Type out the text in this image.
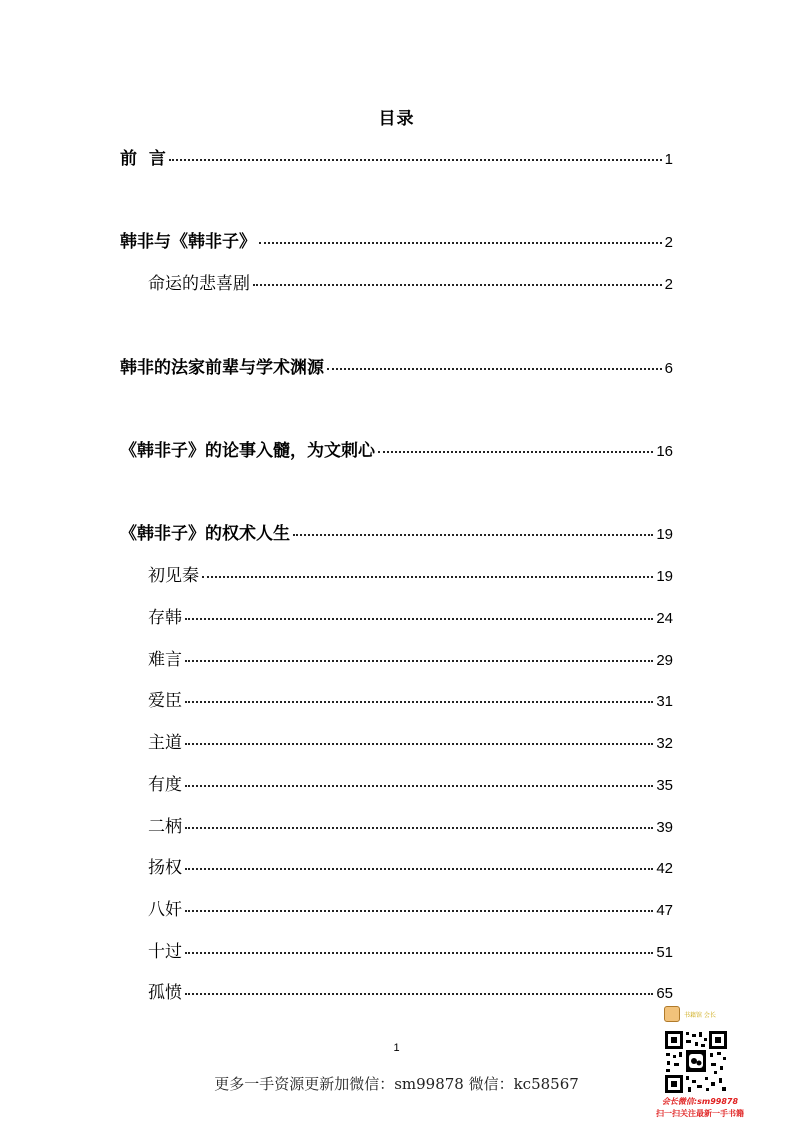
目录
前  言	1
韩非与《韩非子》	2
命运的悲喜剧	2
韩非的法家前辈与学术渊源	6
《韩非子》的论事入髓，为文刺心	16
《韩非子》的权术人生	19
初见秦	19
存韩	24
难言	29
爱臣	31
主道	32
有度	35
二柄	39
扬权	42
八奸	47
十过	51
孤愤	65
1
更多一手资源更新加微信：sm99878 微信：kc58567
书籍馆 会长
会长微信:sm99878
扫一扫关注最新一手书籍
